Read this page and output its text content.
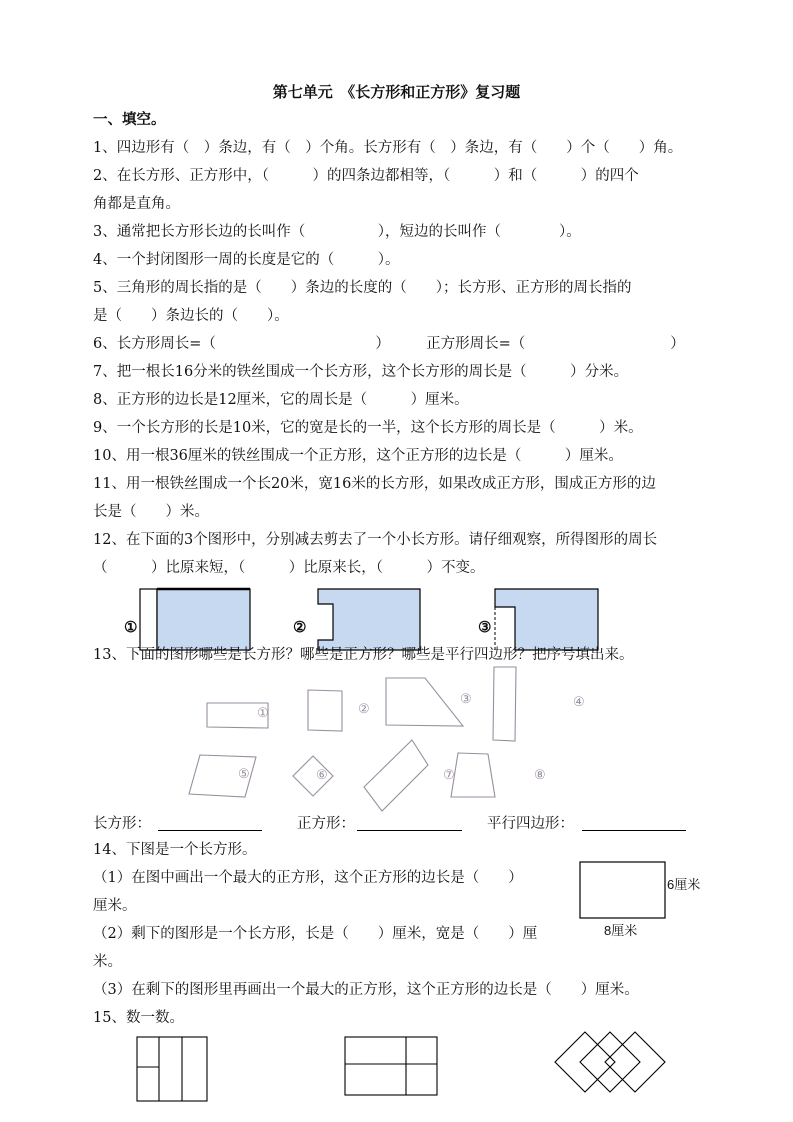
第七单元　《长方形和正方形》复习题
一、填空。
1、四边形有（　）条边，有（　）个角。长方形有（　）条边，有（　　）个（　　）角。
2、在长方形、正方形中，（　　　）的四条边都相等，（　　　）和（　　　）的四个
角都是直角。
3、通常把长方形长边的长叫作（　　　　　），短边的长叫作（　　　　）。
4、一个封闭图形一周的长度是它的（　　　）。
5、三角形的周长指的是（　　）条边的长度的（　　）；长方形、正方形的周长指的
是（　　）条边长的（　　）。
6、长方形周长=（　　　　　　　　　　　）　　　正方形周长=（　　　　　　　　　　）
7、把一根长16分米的铁丝围成一个长方形，这个长方形的周长是（　　　）分米。
8、正方形的边长是12厘米，它的周长是（　　　）厘米。
9、一个长方形的长是10米，它的宽是长的一半，这个长方形的周长是（　　　）米。
10、用一根36厘米的铁丝围成一个正方形，这个正方形的边长是（　　　）厘米。
11、用一根铁丝围成一个长20米，宽16米的长方形，如果改成正方形，围成正方形的边
长是（　　）米。
12、在下面的3个图形中，分别减去剪去了一个小长方形。请仔细观察，所得图形的周长
（　　　）比原来短，（　　　）比原来长，（　　　）不变。
①	②	③
13、下面的图形哪些是长方形？哪些是正方形？哪些是平行四边形？把序号填出来。
①	②
③	④
⑤	⑥	⑦	⑧
长方形：	正方形：	平行四边形：
14、下图是一个长方形。
（1）在图中画出一个最大的正方形，这个正方形的边长是（　　）
厘米。
（2）剩下的图形是一个长方形，长是（　　）厘米，宽是（　　）厘
米。
（3）在剩下的图形里再画出一个最大的正方形，这个正方形的边长是（　　）厘米。
6厘米
8厘米
15、数一数。
